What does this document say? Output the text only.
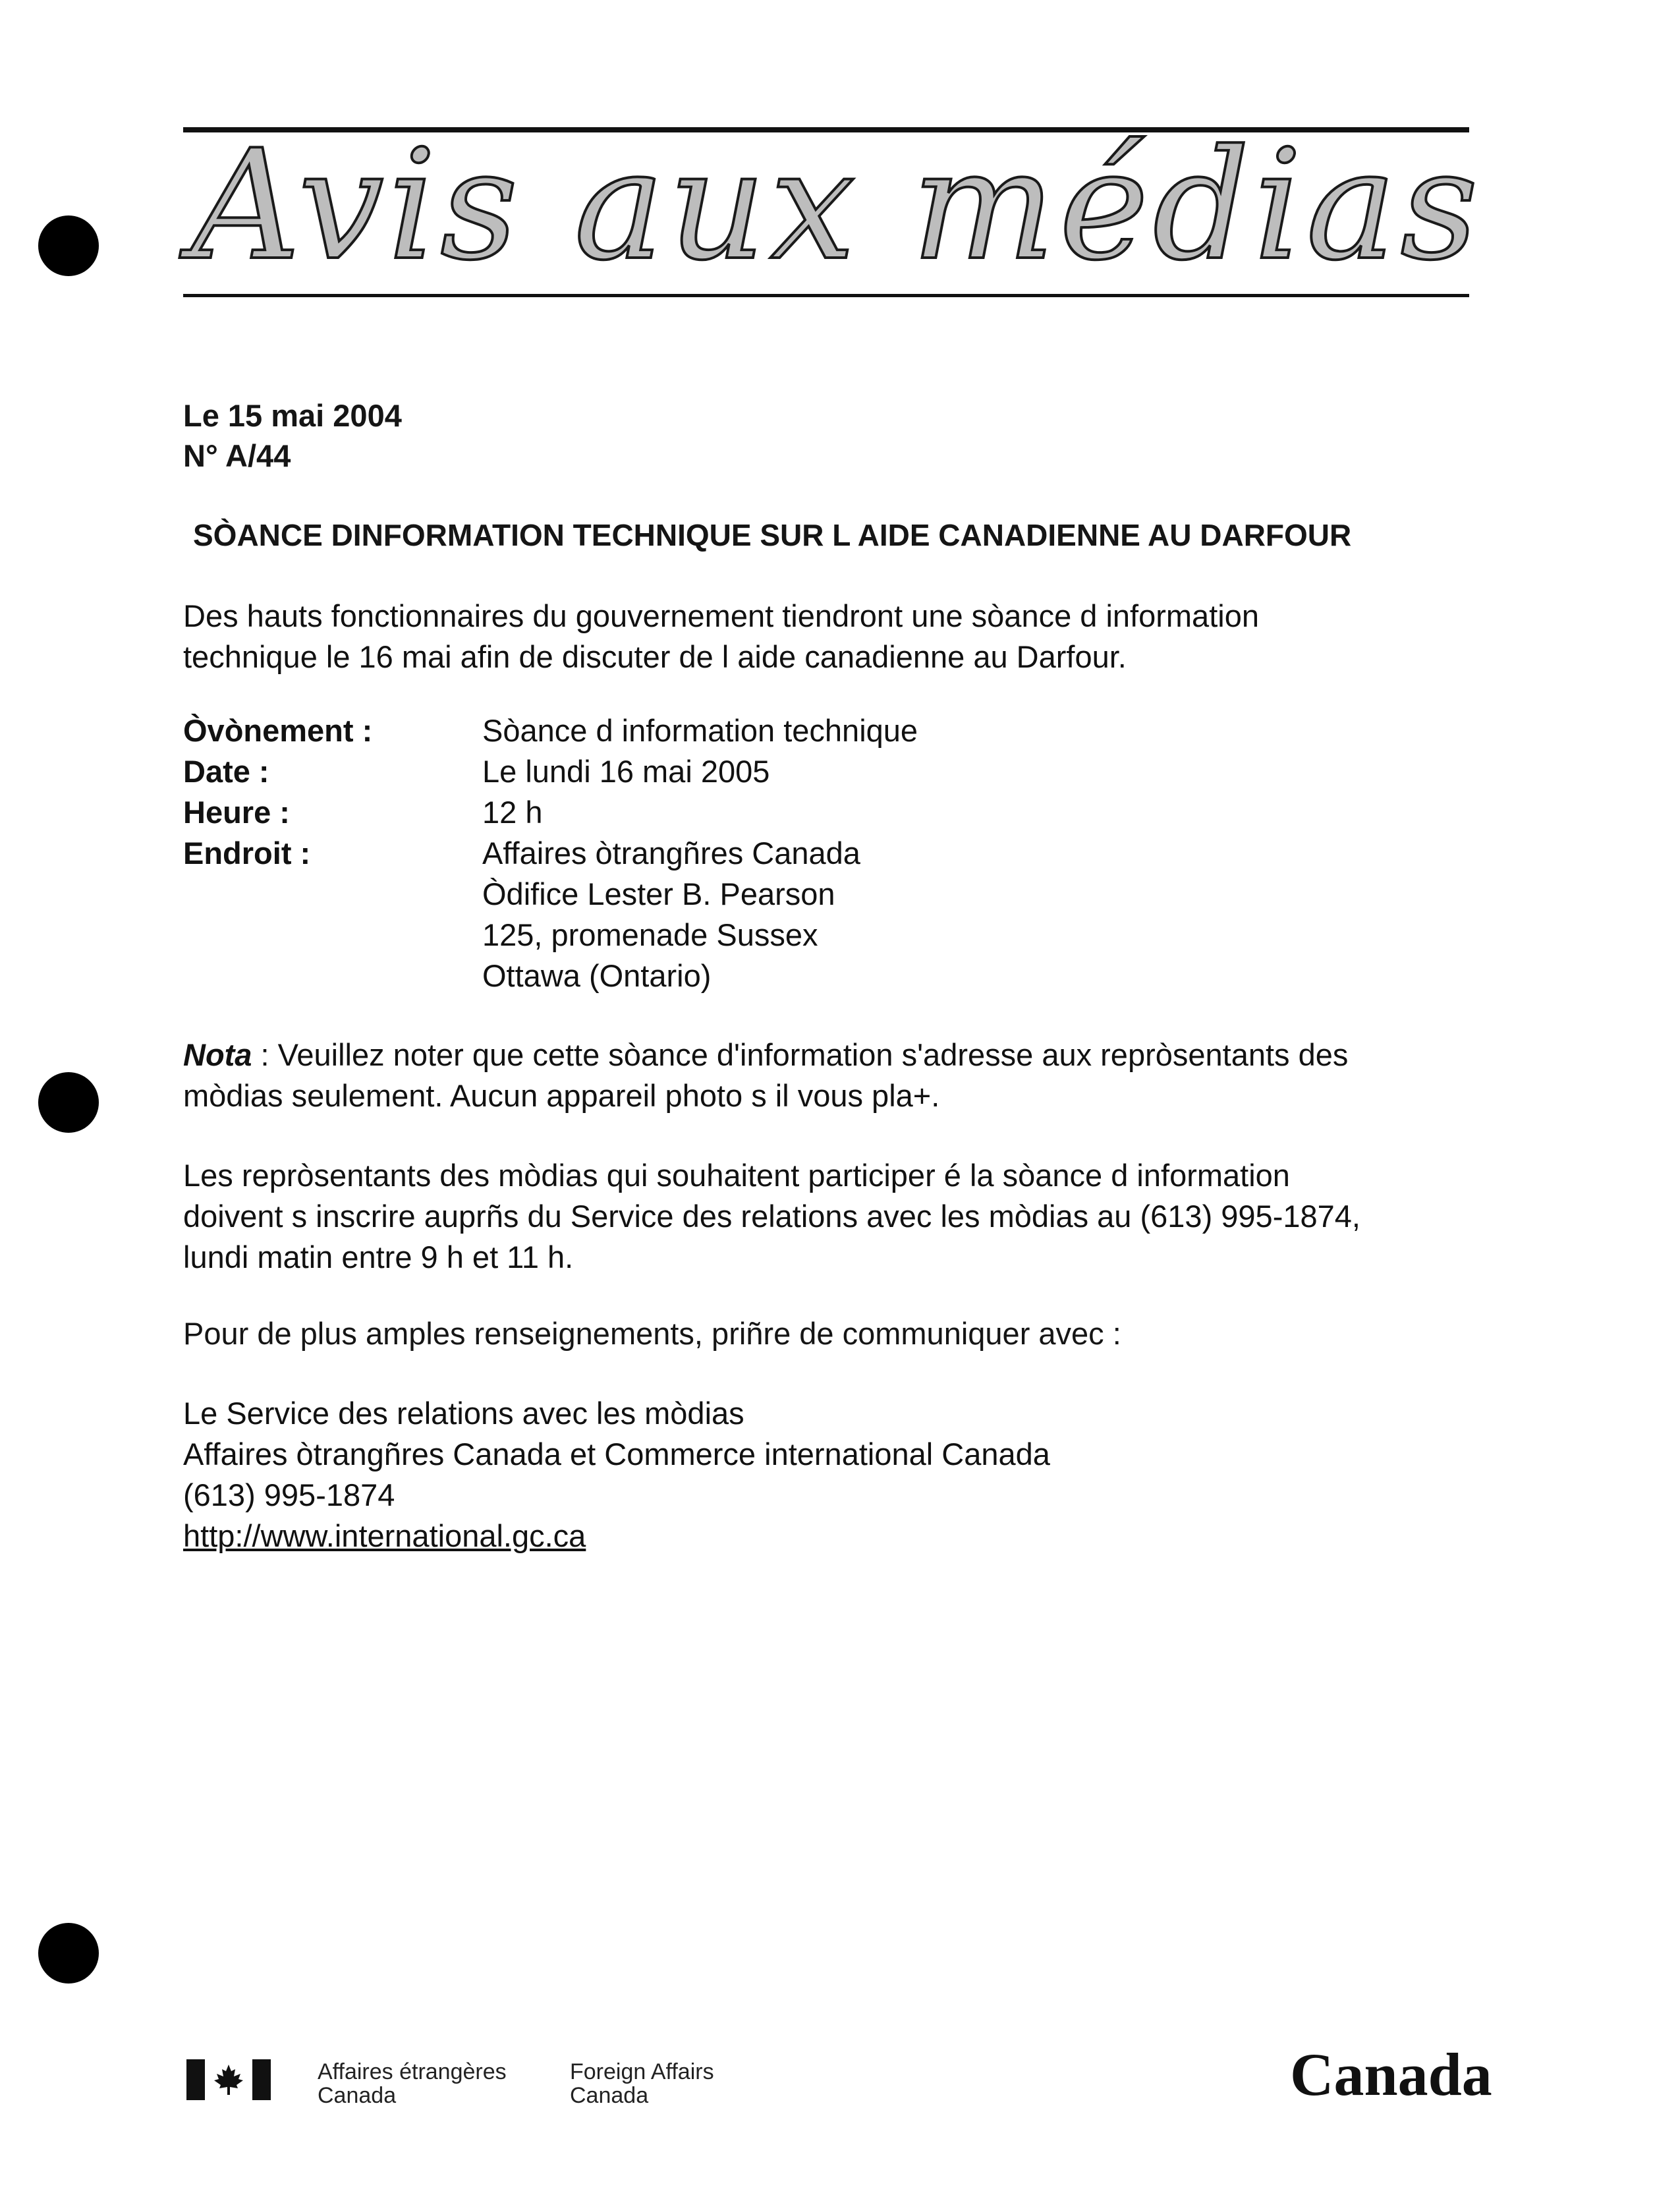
Avis aux médias
Le 15 mai 2004
N° A/44
SÒANCE DINFORMATION TECHNIQUE SUR L AIDE CANADIENNE AU DARFOUR
Des hauts fonctionnaires du gouvernement tiendront une sòance d information
technique le 16 mai afin de discuter de l aide canadienne au Darfour.
Òvònement :	Sòance d information technique
Date :	Le lundi 16 mai 2005
Heure :	12 h
Endroit :	Affaires òtrangñres Canada
Òdifice Lester B. Pearson
125, promenade Sussex
Ottawa (Ontario)
Nota : Veuillez noter que cette sòance d'information s'adresse aux repròsentants des
mòdias seulement. Aucun appareil photo s il vous pla+.
Les repròsentants des mòdias qui souhaitent participer é la sòance d information
doivent s inscrire auprñs du Service des relations avec les mòdias au (613) 995-1874,
lundi matin entre 9 h et 11 h.
Pour de plus amples renseignements, priñre de communiquer avec :
Le Service des relations avec les mòdias
Affaires òtrangñres Canada et Commerce international Canada
(613) 995-1874
http://www.international.gc.ca
Affaires étrangères
Canada
Foreign Affairs
Canada	Canada
